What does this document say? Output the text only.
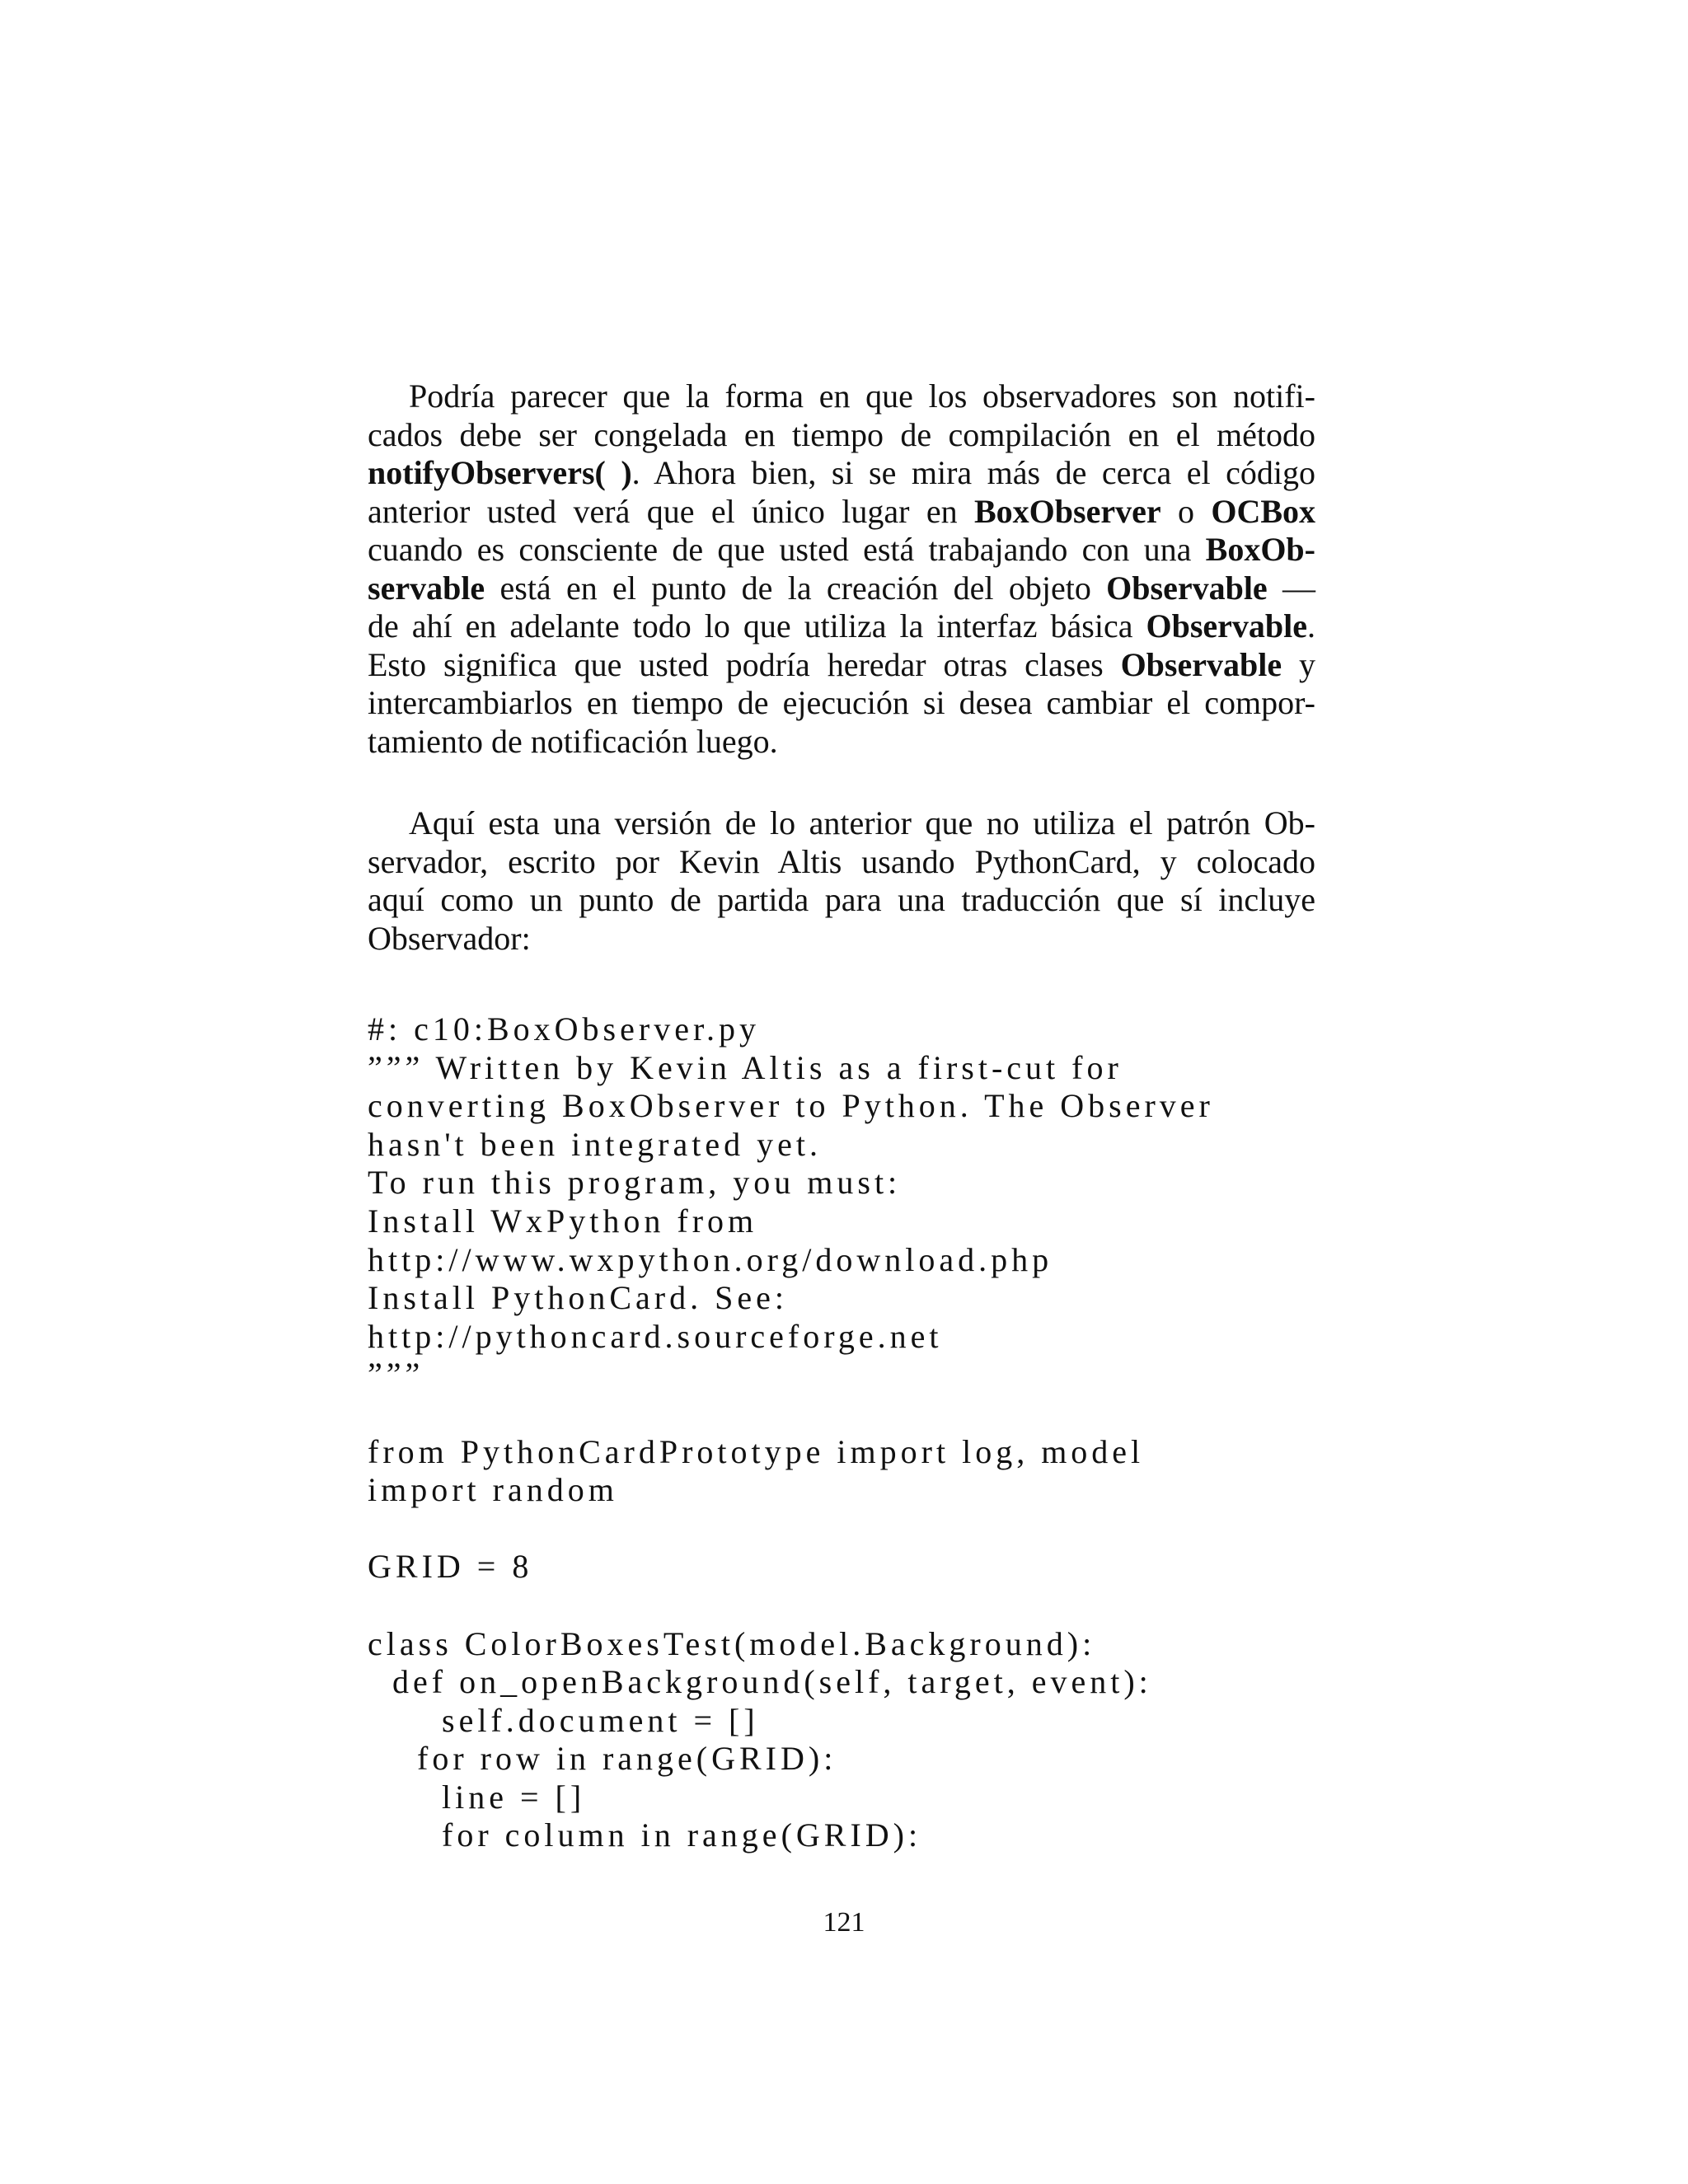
Podría parecer que la forma en que los observadores son notifi-
cados debe ser congelada en tiempo de compilación en el método
notifyObservers( ). Ahora bien, si se mira más de cerca el código
anterior usted verá que el único lugar en BoxObserver o OCBox
cuando es consciente de que usted está trabajando con una BoxOb-
servable está en el punto de la creación del objeto Observable —
de ahí en adelante todo lo que utiliza la interfaz básica Observable.
Esto significa que usted podría heredar otras clases Observable y
intercambiarlos en tiempo de ejecución si desea cambiar el compor-
tamiento de notificación luego.
Aquí esta una versión de lo anterior que no utiliza el patrón Ob-
servador, escrito por Kevin Altis usando PythonCard, y colocado
aquí como un punto de partida para una traducción que sí incluye
Observador:
#: c10:BoxObserver.py
””” Written by Kevin Altis as a first-cut for
converting BoxObserver to Python. The Observer
hasn't been integrated yet.
To run this program, you must:
Install WxPython from
http://www.wxpython.org/download.php
Install PythonCard. See:
http://pythoncard.sourceforge.net
”””

from PythonCardPrototype import log, model
import random

GRID = 8

class ColorBoxesTest(model.Background):
def on_openBackground(self, target, event):
self.document = []
for row in range(GRID):
line = []
for column in range(GRID):
121
